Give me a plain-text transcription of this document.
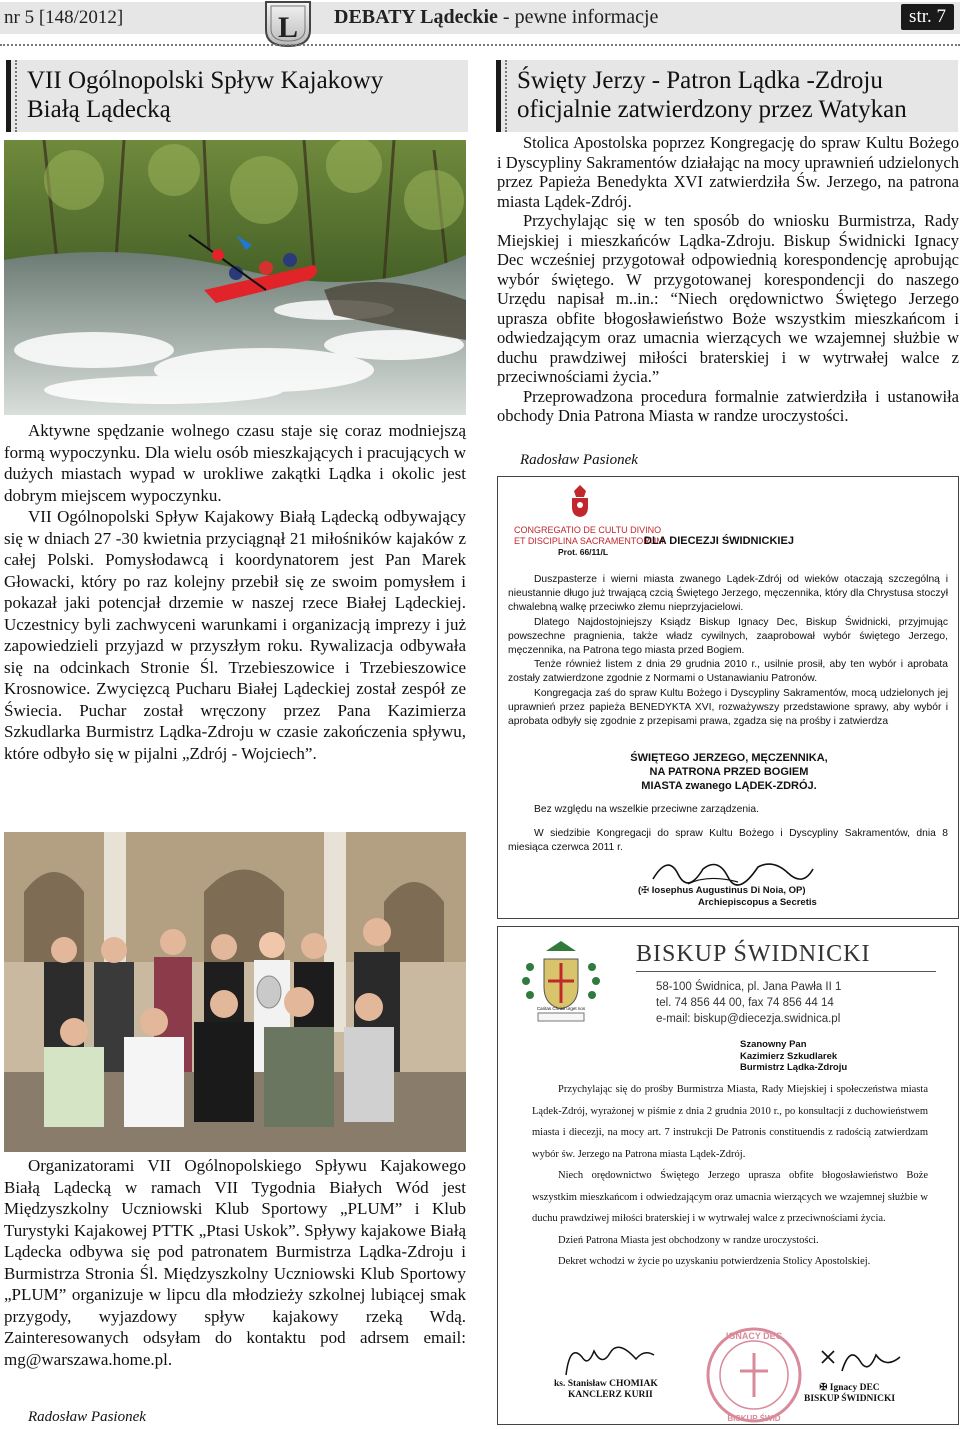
nr 5 [148/2012]	DEBATY Lądeckie - pewne informacje	str. 7
L
VII Ogólnopolski Spływ Kajakowy
Białą Lądecką

Aktywne spędzanie wolnego czasu staje się coraz modniejszą formą wypoczynku. Dla wielu osób mieszkających i pracujących w dużych miastach wypad w urokliwe zakątki Lądka i okolic jest dobrym miejscem wypoczynku.

VII Ogólnopolski Spływ Kajakowy Białą Lądecką odbywający się w dniach 27 -30 kwietnia przyciągnął 21 miłośników kajaków z całej Polski. Pomysłodawcą i koordynatorem jest Pan Marek Głowacki, który po raz kolejny przebił się ze swoim pomysłem i pokazał jaki potencjał drzemie w naszej rzece Białej Lądeckiej. Uczestnicy byli zachwyceni warunkami i organizacją imprezy i już zapowiedzieli przyjazd w przyszłym roku. Rywalizacja odbywała się na odcinkach Stronie Śl. Trzebieszowice i Trzebieszowice Krosnowice. Zwycięzcą Pucharu Białej Lądeckiej został zespół ze Świecia. Puchar został wręczony przez Pana Kazimierza Szkudlarka Burmistrz Lądka-Zdroju w czasie zakończenia spływu, które odbyło się w pijalni „Zdrój - Wojciech”.

Organizatorami VII Ogólnopolskiego Spływu Kajakowego Białą Lądecką w ramach VII Tygodnia Białych Wód jest Międzyszkolny Uczniowski Klub Sportowy „PLUM” i Klub Turystyki Kajakowej PTTK „Ptasi Uskok”. Spływy kajakowe Białą Lądecka odbywa się pod patronatem Burmistrza Lądka-Zdroju i Burmistrza Stronia Śl. Międzyszkolny Uczniowski Klub Sportowy „PLUM” organizuje w lipcu dla młodzieży szkolnej lubiącej smak przygody, wyjazdowy spływ kajakowy rzeką Wdą. Zainteresowanych odsyłam do kontaktu pod adrsem email: mg@warszawa.home.pl.

Radosław Pasionek
Święty Jerzy - Patron Lądka -Zdroju
oficjalnie zatwierdzony przez Watykan

Stolica Apostolska poprzez Kongregację do spraw Kultu Bożego i Dyscypliny Sakramentów działając na mocy uprawnień udzielonych przez Papieża Benedykta XVI zatwierdziła Św. Jerzego, na patrona miasta Lądek-Zdrój.

Przychylając się w ten sposób do wniosku Burmistrza, Rady Miejskiej i mieszkańców Lądka-Zdroju. Biskup Świdnicki Ignacy Dec wcześniej przygotował odpowiednią korespondencję aprobując wybór świętego. W przygotowanej korespondencji do naszego Urzędu napisał m..in.: “Niech orędownictwo Świętego Jerzego uprasza obfite błogosławieństwo Boże wszystkim mieszkańcom i odwiedzającym oraz umacnia wierzących we wzajemnej służbie w duchu prawdziwej miłości braterskiej i w wytrwałej walce z przeciwnościami życia.”

Przeprowadzona procedura formalnie zatwierdziła i ustanowiła obchody Dnia Patrona Miasta w randze uroczystości.

Radosław Pasionek
CONGREGATIO DE CULTU DIVINO
ET DISCIPLINA SACRAMENTORUM
Prot. 66/11/L
DLA DIECEZJI ŚWIDNICKIEJ

Duszpasterze i wierni miasta zwanego Lądek-Zdrój od wieków otaczają szczególną i nieustannie długo już trwającą czcią Świętego Jerzego, męczennika, który dla Chrystusa stoczył chwalebną walkę przeciwko złemu nieprzyjacielowi.

Dlatego Najdostojniejszy Ksiądz Biskup Ignacy Dec, Biskup Świdnicki, przyjmując powszechne pragnienia, także władz cywilnych, zaaprobował wybór świętego Jerzego, męczennika, na Patrona tego miasta przed Bogiem.

Tenże również listem z dnia 29 grudnia 2010 r., usilnie prosił, aby ten wybór i aprobata zostały zatwierdzone zgodnie z Normami o Ustanawianiu Patronów.

Kongregacja zaś do spraw Kultu Bożego i Dyscypliny Sakramentów, mocą udzielonych jej uprawnień przez papieża BENEDYKTA XVI, rozważywszy przedstawione sprawy, aby wybór i aprobata odbyły się zgodnie z przepisami prawa, zgadza się na prośby i zatwierdza

ŚWIĘTEGO JERZEGO, MĘCZENNIKA,
NA PATRONA PRZED BOGIEM
MIASTA zwanego LĄDEK-ZDRÓJ.

Bez względu na wszelkie przeciwne zarządzenia.

W siedzibie Kongregacji do spraw Kultu Bożego i Dyscypliny Sakramentów, dnia 8 miesiąca czerwca 2011 r.

(✠ Iosephus Augustinus Di Noia, OP)
Archiepiscopus a Secretis
Caritas Christi urget nos
BISKUP ŚWIDNICKI
58-100 Świdnica, pl. Jana Pawła II 1
tel. 74 856 44 00, fax 74 856 44 14
e-mail: biskup@diecezja.swidnica.pl
Szanowny Pan
Kazimierz Szkudlarek
Burmistrz Lądka-Zdroju

Przychylając się do prośby Burmistrza Miasta, Rady Miejskiej i społeczeństwa miasta Lądek-Zdrój, wyrażonej w piśmie z dnia 2 grudnia 2010 r., po konsultacji z duchowieństwem miasta i diecezji, na mocy art. 7 instrukcji De Patronis constituendis z radością zatwierdzam wybór św. Jerzego na Patrona miasta Lądek-Zdrój.

Niech orędownictwo Świętego Jerzego uprasza obfite błogosławieństwo Boże wszystkim mieszkańcom i odwiedzającym oraz umacnia wierzących we wzajemnej służbie w duchu prawdziwej miłości braterskiej i w wytrwałej walce z przeciwnościami życia.

Dzień Patrona Miasta jest obchodzony w randze uroczystości.

Dekret wchodzi w życie po uzyskaniu potwierdzenia Stolicy Apostolskiej.

ks. Stanisław CHOMIAK
KANCLERZ KURII
IGNACY DEC
BISKUP ŚWID
✠ Ignacy DEC
BISKUP ŚWIDNICKI
